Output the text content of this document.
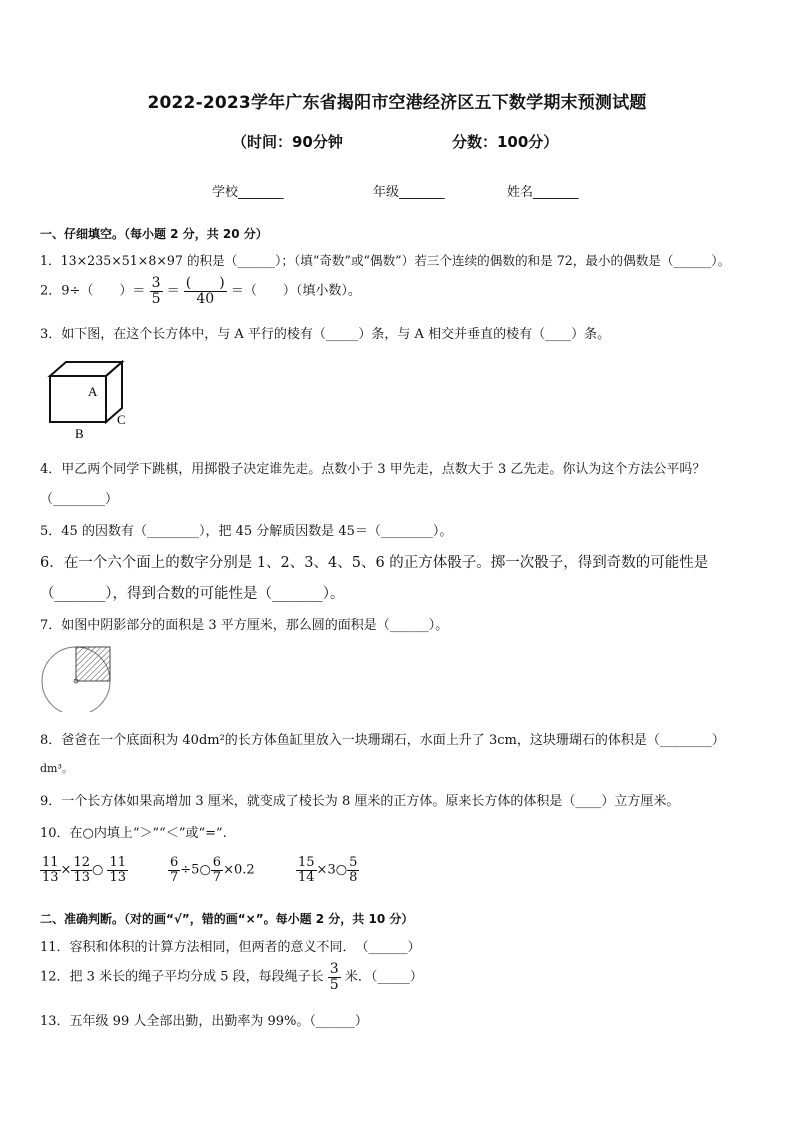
2022-2023学年广东省揭阳市空港经济区五下数学期末预测试题
（时间：90分钟	分数：100分）
学校_______	年级_______	姓名_______
一、仔细填空。（每小题 2 分，共 20 分）
1．13×235×51×8×97 的积是（______）；（填“奇数”或“偶数”）若三个连续的偶数的和是 72，最小的偶数是（______）。
2．9÷（　　）＝ $\frac{3}{5} = \frac{( )}{40}$ ＝（　　）（填小数）。
3．如下图，在这个长方体中，与 A 平行的棱有（_____）条，与 A 相交并垂直的棱有（____）条。
A
B
C
4．甲乙两个同学下跳棋，用掷骰子决定谁先走。点数小于 3 甲先走，点数大于 3 乙先走。你认为这个方法公平吗？
（________）
5．45 的因数有（________），把 45 分解质因数是 45＝（________）。
6．在一个六个面上的数字分别是 1、2、3、4、5、6 的正方体骰子。掷一次骰子，得到奇数的可能性是
（_______），得到合数的可能性是（_______）。
7．如图中阴影部分的面积是 3 平方厘米，那么圆的面积是（______）。
8．爸爸在一个底面积为 40dm²的长方体鱼缸里放入一块珊瑚石，水面上升了 3cm，这块珊瑚石的体积是（________）
dm³。
9．一个长方体如果高增加 3 厘米，就变成了棱长为 8 厘米的正方体。原来长方体的体积是（____）立方厘米。
10．在○内填上“＞”“＜”或“=”.
$\frac{11}{13} \times \frac{12}{13}$ ○ $\frac{11}{13}$	$\frac{6}{7}$ ÷5○ $\frac{6}{7} \times 0.2$	$\frac{15}{14}$ ×3○ $\frac{5}{8}$
二、准确判断。（对的画“√”，错的画“×”。每小题 2 分，共 10 分）
11．容积和体积的计算方法相同，但两者的意义不同．　（______）
12．把 3 米长的绳子平均分成 5 段，每段绳子长 $\frac{3}{5}$ 米．（_____）
13．五年级 99 人全部出勤，出勤率为 99%。（______）
